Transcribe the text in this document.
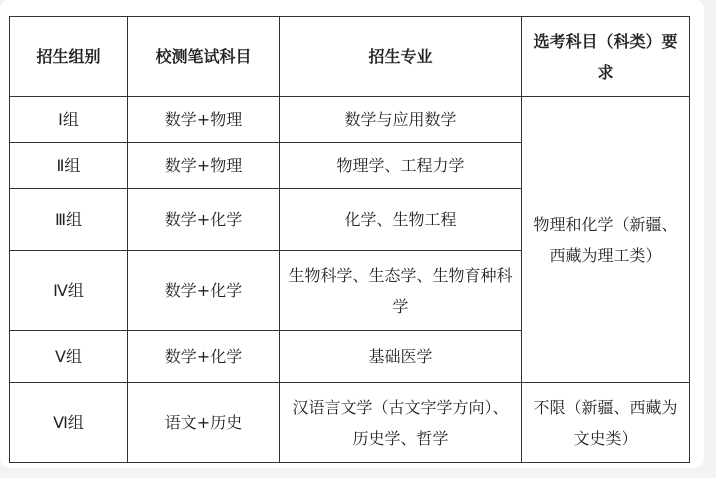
招生组别	校测笔试科目	招生专业	选考科目（科类）要求
Ⅰ组	数学+物理	数学与应用数学	物理和化学（新疆、西藏为理工类）
Ⅱ组	数学+物理	物理学、工程力学	
Ⅲ组	数学+化学	化学、生物工程	
Ⅳ组	数学+化学	生物科学、生态学、生物育种科学	
Ⅴ组	数学+化学	基础医学	
Ⅵ组	语文+历史	汉语言文学（古文字学方向）、历史学、哲学	不限（新疆、西藏为文史类）
